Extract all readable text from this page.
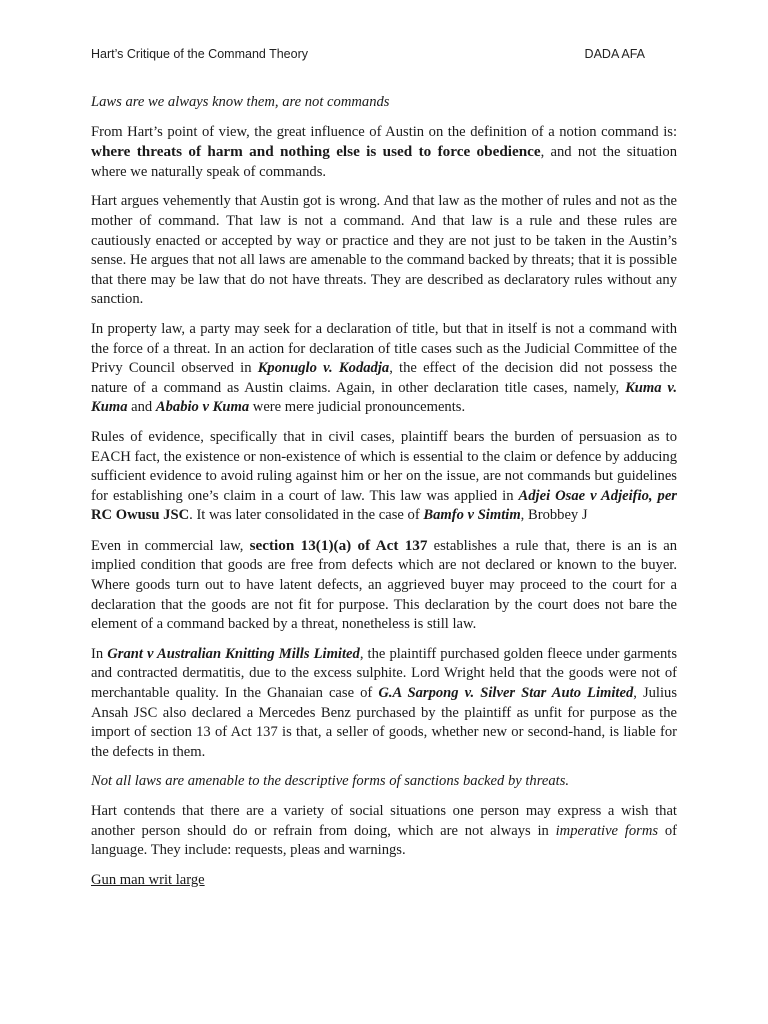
Hart’s Critique of the Command Theory	DADA AFA

Laws are we always know them, are not commands

From Hart’s point of view, the great influence of Austin on the definition of a notion command is: where threats of harm and nothing else is used to force obedience, and not the situation where we naturally speak of commands.

Hart argues vehemently that Austin got is wrong. And that law as the mother of rules and not as the mother of command. That law is not a command. And that law is a rule and these rules are cautiously enacted or accepted by way or practice and they are not just to be taken in the Austin’s sense. He argues that not all laws are amenable to the command backed by threats; that it is possible that there may be law that do not have threats. They are described as declaratory rules without any sanction.

In property law, a party may seek for a declaration of title, but that in itself is not a command with the force of a threat. In an action for declaration of title cases such as the Judicial Committee of the Privy Council observed in Kponuglo v. Kodadja, the effect of the decision did not possess the nature of a command as Austin claims. Again, in other declaration title cases, namely, Kuma v. Kuma and Ababio v Kuma were mere judicial pronouncements.

Rules of evidence, specifically that in civil cases, plaintiff bears the burden of persuasion as to EACH fact, the existence or non-existence of which is essential to the claim or defence by adducing sufficient evidence to avoid ruling against him or her on the issue, are not commands but guidelines for establishing one’s claim in a court of law. This law was applied in Adjei Osae v Adjeifio, per RC Owusu JSC. It was later consolidated in the case of Bamfo v Simtim, Brobbey J

Even in commercial law, section 13(1)(a) of Act 137 establishes a rule that, there is an is an implied condition that goods are free from defects which are not declared or known to the buyer. Where goods turn out to have latent defects, an aggrieved buyer may proceed to the court for a declaration that the goods are not fit for purpose. This declaration by the court does not bare the element of a command backed by a threat, nonetheless is still law.

In Grant v Australian Knitting Mills Limited, the plaintiff purchased golden fleece under garments and contracted dermatitis, due to the excess sulphite. Lord Wright held that the goods were not of merchantable quality. In the Ghanaian case of G.A Sarpong v. Silver Star Auto Limited, Julius Ansah JSC also declared a Mercedes Benz purchased by the plaintiff as unfit for purpose as the import of section 13 of Act 137 is that, a seller of goods, whether new or second-hand, is liable for the defects in them.

Not all laws are amenable to the descriptive forms of sanctions backed by threats.

Hart contends that there are a variety of social situations one person may express a wish that another person should do or refrain from doing, which are not always in imperative forms of language. They include: requests, pleas and warnings.

Gun man writ large
